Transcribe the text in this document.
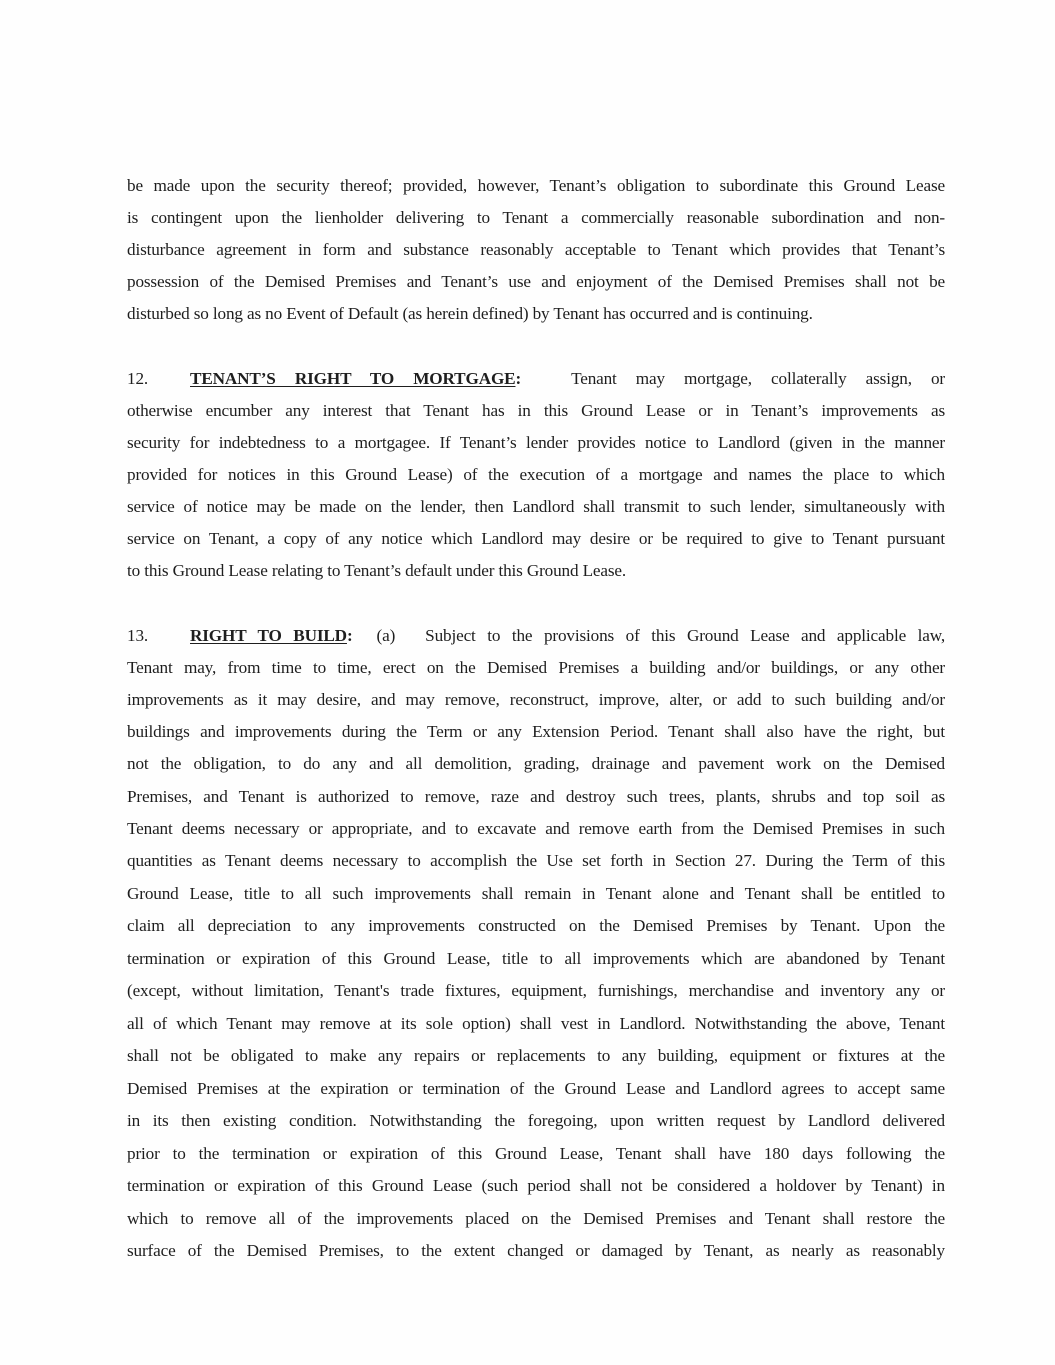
be made upon the security thereof; provided, however, Tenant’s obligation to subordinate this Ground Lease
is contingent upon the lienholder delivering to Tenant a commercially reasonable subordination and non-
disturbance agreement in form and substance reasonably acceptable to Tenant which provides that Tenant’s
possession of the Demised Premises and Tenant’s use and enjoyment of the Demised Premises shall not be
disturbed so long as no Event of Default (as herein defined) by Tenant has occurred and is continuing.
12. TENANT’S RIGHT TO MORTGAGE:	Tenant may mortgage, collaterally assign, or
otherwise encumber any interest that Tenant has in this Ground Lease or in Tenant’s improvements as
security for indebtedness to a mortgagee. If Tenant’s lender provides notice to Landlord (given in the manner
provided for notices in this Ground Lease) of the execution of a mortgage and names the place to which
service of notice may be made on the lender, then Landlord shall transmit to such lender, simultaneously with
service on Tenant, a copy of any notice which Landlord may desire or be required to give to Tenant pursuant
to this Ground Lease relating to Tenant’s default under this Ground Lease.
13. RIGHT TO BUILD: (a) Subject to the provisions of this Ground Lease and applicable law,
Tenant may, from time to time, erect on the Demised Premises a building and/or buildings, or any other
improvements as it may desire, and may remove, reconstruct, improve, alter, or add to such building and/or
buildings and improvements during the Term or any Extension Period. Tenant shall also have the right, but
not the obligation, to do any and all demolition, grading, drainage and pavement work on the Demised
Premises, and Tenant is authorized to remove, raze and destroy such trees, plants, shrubs and top soil as
Tenant deems necessary or appropriate, and to excavate and remove earth from the Demised Premises in such
quantities as Tenant deems necessary to accomplish the Use set forth in Section 27. During the Term of this
Ground Lease, title to all such improvements shall remain in Tenant alone and Tenant shall be entitled to
claim all depreciation to any improvements constructed on the Demised Premises by Tenant. Upon the
termination or expiration of this Ground Lease, title to all improvements which are abandoned by Tenant
(except, without limitation, Tenant's trade fixtures, equipment, furnishings, merchandise and inventory any or
all of which Tenant may remove at its sole option) shall vest in Landlord. Notwithstanding the above, Tenant
shall not be obligated to make any repairs or replacements to any building, equipment or fixtures at the
Demised Premises at the expiration or termination of the Ground Lease and Landlord agrees to accept same
in its then existing condition. Notwithstanding the foregoing, upon written request by Landlord delivered
prior to the termination or expiration of this Ground Lease, Tenant shall have 180 days following the
termination or expiration of this Ground Lease (such period shall not be considered a holdover by Tenant) in
which to remove all of the improvements placed on the Demised Premises and Tenant shall restore the
surface of the Demised Premises, to the extent changed or damaged by Tenant, as nearly as reasonably
